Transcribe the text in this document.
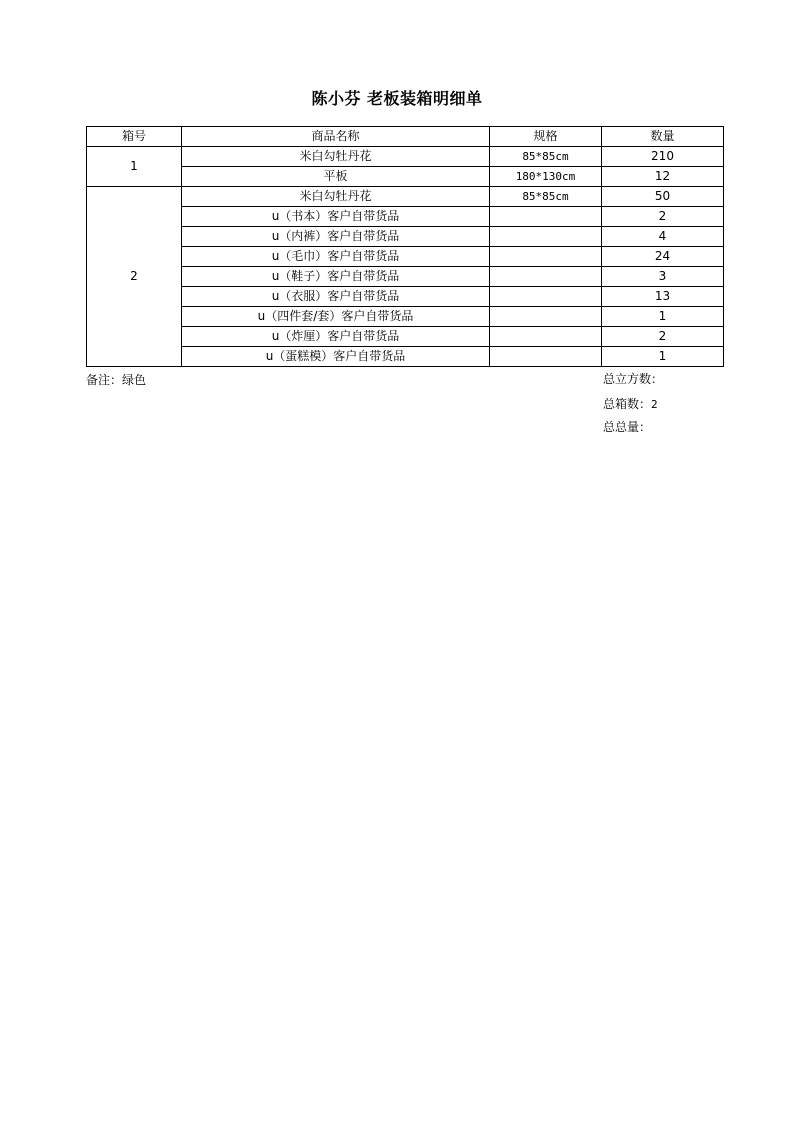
陈小芬 老板装箱明细单
箱号	商品名称	规格	数量
1	米白勾牡丹花	85*85cm	210
	平板	180*130cm	12
2	米白勾牡丹花	85*85cm	50
	u（书本）客户自带货品		2
	u（内裤）客户自带货品		4
	u（毛巾）客户自带货品		24
	u（鞋子）客户自带货品		3
	u（衣服）客户自带货品		13
	u（四件套/套）客户自带货品		1
	u（炸厘）客户自带货品		2
	u（蛋糕模）客户自带货品		1
备注：绿色	总立方数：
总箱数：2
总总量：
